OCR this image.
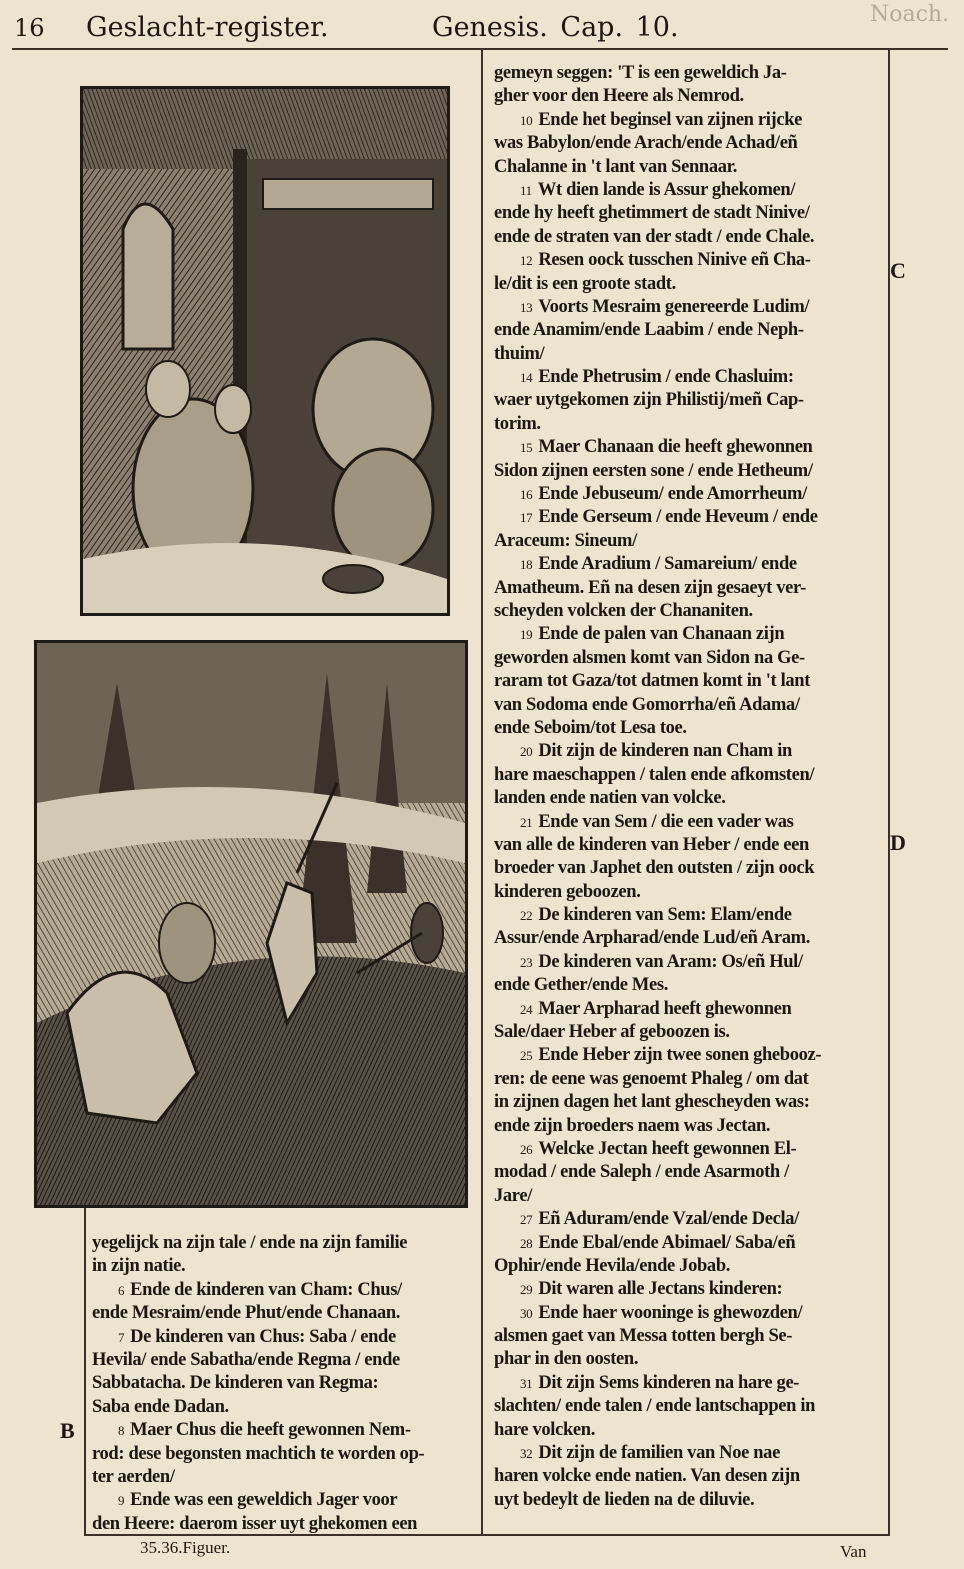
16 Geslacht-register.	Genesis. Cap. 10.	Noach.
gemeyn seggen: 'T is een geweldich Ja-
gher voor den Heere als Nemrod.
10 Ende het beginsel van zijnen rijcke
was Babylon/ende Arach/ende Achad/eñ
Chalanne in 't lant van Sennaar.
11 Wt dien lande is Assur ghekomen/
ende hy heeft ghetimmert de stadt Ninive/
ende de straten van der stadt / ende Chale.
12 Resen oock tusschen Ninive eñ Cha-
le/dit is een groote stadt.
13 Voorts Mesraim genereerde Ludim/
ende Anamim/ende Laabim / ende Neph-
thuim/
14 Ende Phetrusim / ende Chasluim:
waer uytgekomen zijn Philistij/meñ Cap-
torim.
15 Maer Chanaan die heeft ghewonnen
Sidon zijnen eersten sone / ende Hetheum/
16 Ende Jebuseum/ ende Amorrheum/
17 Ende Gerseum / ende Heveum / ende
Araceum: Sineum/
18 Ende Aradium / Samareium/ ende
Amatheum. Eñ na desen zijn gesaeyt ver-
scheyden volcken der Chananiten.
19 Ende de palen van Chanaan zijn
geworden alsmen komt van Sidon na Ge-
raram tot Gaza/tot datmen komt in 't lant
van Sodoma ende Gomorrha/eñ Adama/
ende Seboim/tot Lesa toe.
20 Dit zijn de kinderen nan Cham in
hare maeschappen / talen ende afkomsten/
landen ende natien van volcke.
21 Ende van Sem / die een vader was
van alle de kinderen van Heber / ende een
broeder van Japhet den outsten / zijn oock
kinderen geboozen.
22 De kinderen van Sem: Elam/ende
Assur/ende Arpharad/ende Lud/eñ Aram.
23 De kinderen van Aram: Os/eñ Hul/
ende Gether/ende Mes.
24 Maer Arpharad heeft ghewonnen
Sale/daer Heber af geboozen is.
25 Ende Heber zijn twee sonen ghebooz-
ren: de eene was genoemt Phaleg / om dat
in zijnen dagen het lant ghescheyden was:
ende zijn broeders naem was Jectan.
26 Welcke Jectan heeft gewonnen El-
modad / ende Saleph / ende Asarmoth /
Jare/
27 Eñ Aduram/ende Vzal/ende Decla/
28 Ende Ebal/ende Abimael/ Saba/eñ
Ophir/ende Hevila/ende Jobab.
29 Dit waren alle Jectans kinderen:
30 Ende haer wooninge is ghewozden/
alsmen gaet van Messa totten bergh Se-
phar in den oosten.
31 Dit zijn Sems kinderen na hare ge-
slachten/ ende talen / ende lantschappen in
hare volcken.
32 Dit zijn de familien van Noe nae
haren volcke ende natien. Van desen zijn
uyt bedeylt de lieden na de diluvie.
yegelijck na zijn tale / ende na zijn familie
in zijn natie.
6 Ende de kinderen van Cham: Chus/
ende Mesraim/ende Phut/ende Chanaan.
7 De kinderen van Chus: Saba / ende
Hevila/ ende Sabatha/ende Regma / ende
Sabbatacha. De kinderen van Regma:
Saba ende Dadan.
8 Maer Chus die heeft gewonnen Nem-
rod: dese begonsten machtich te worden op-
ter aerden/
9 Ende was een geweldich Jager voor
den Heere: daerom isser uyt ghekomen een
C
D
B
35.36.Figuer.	Van
